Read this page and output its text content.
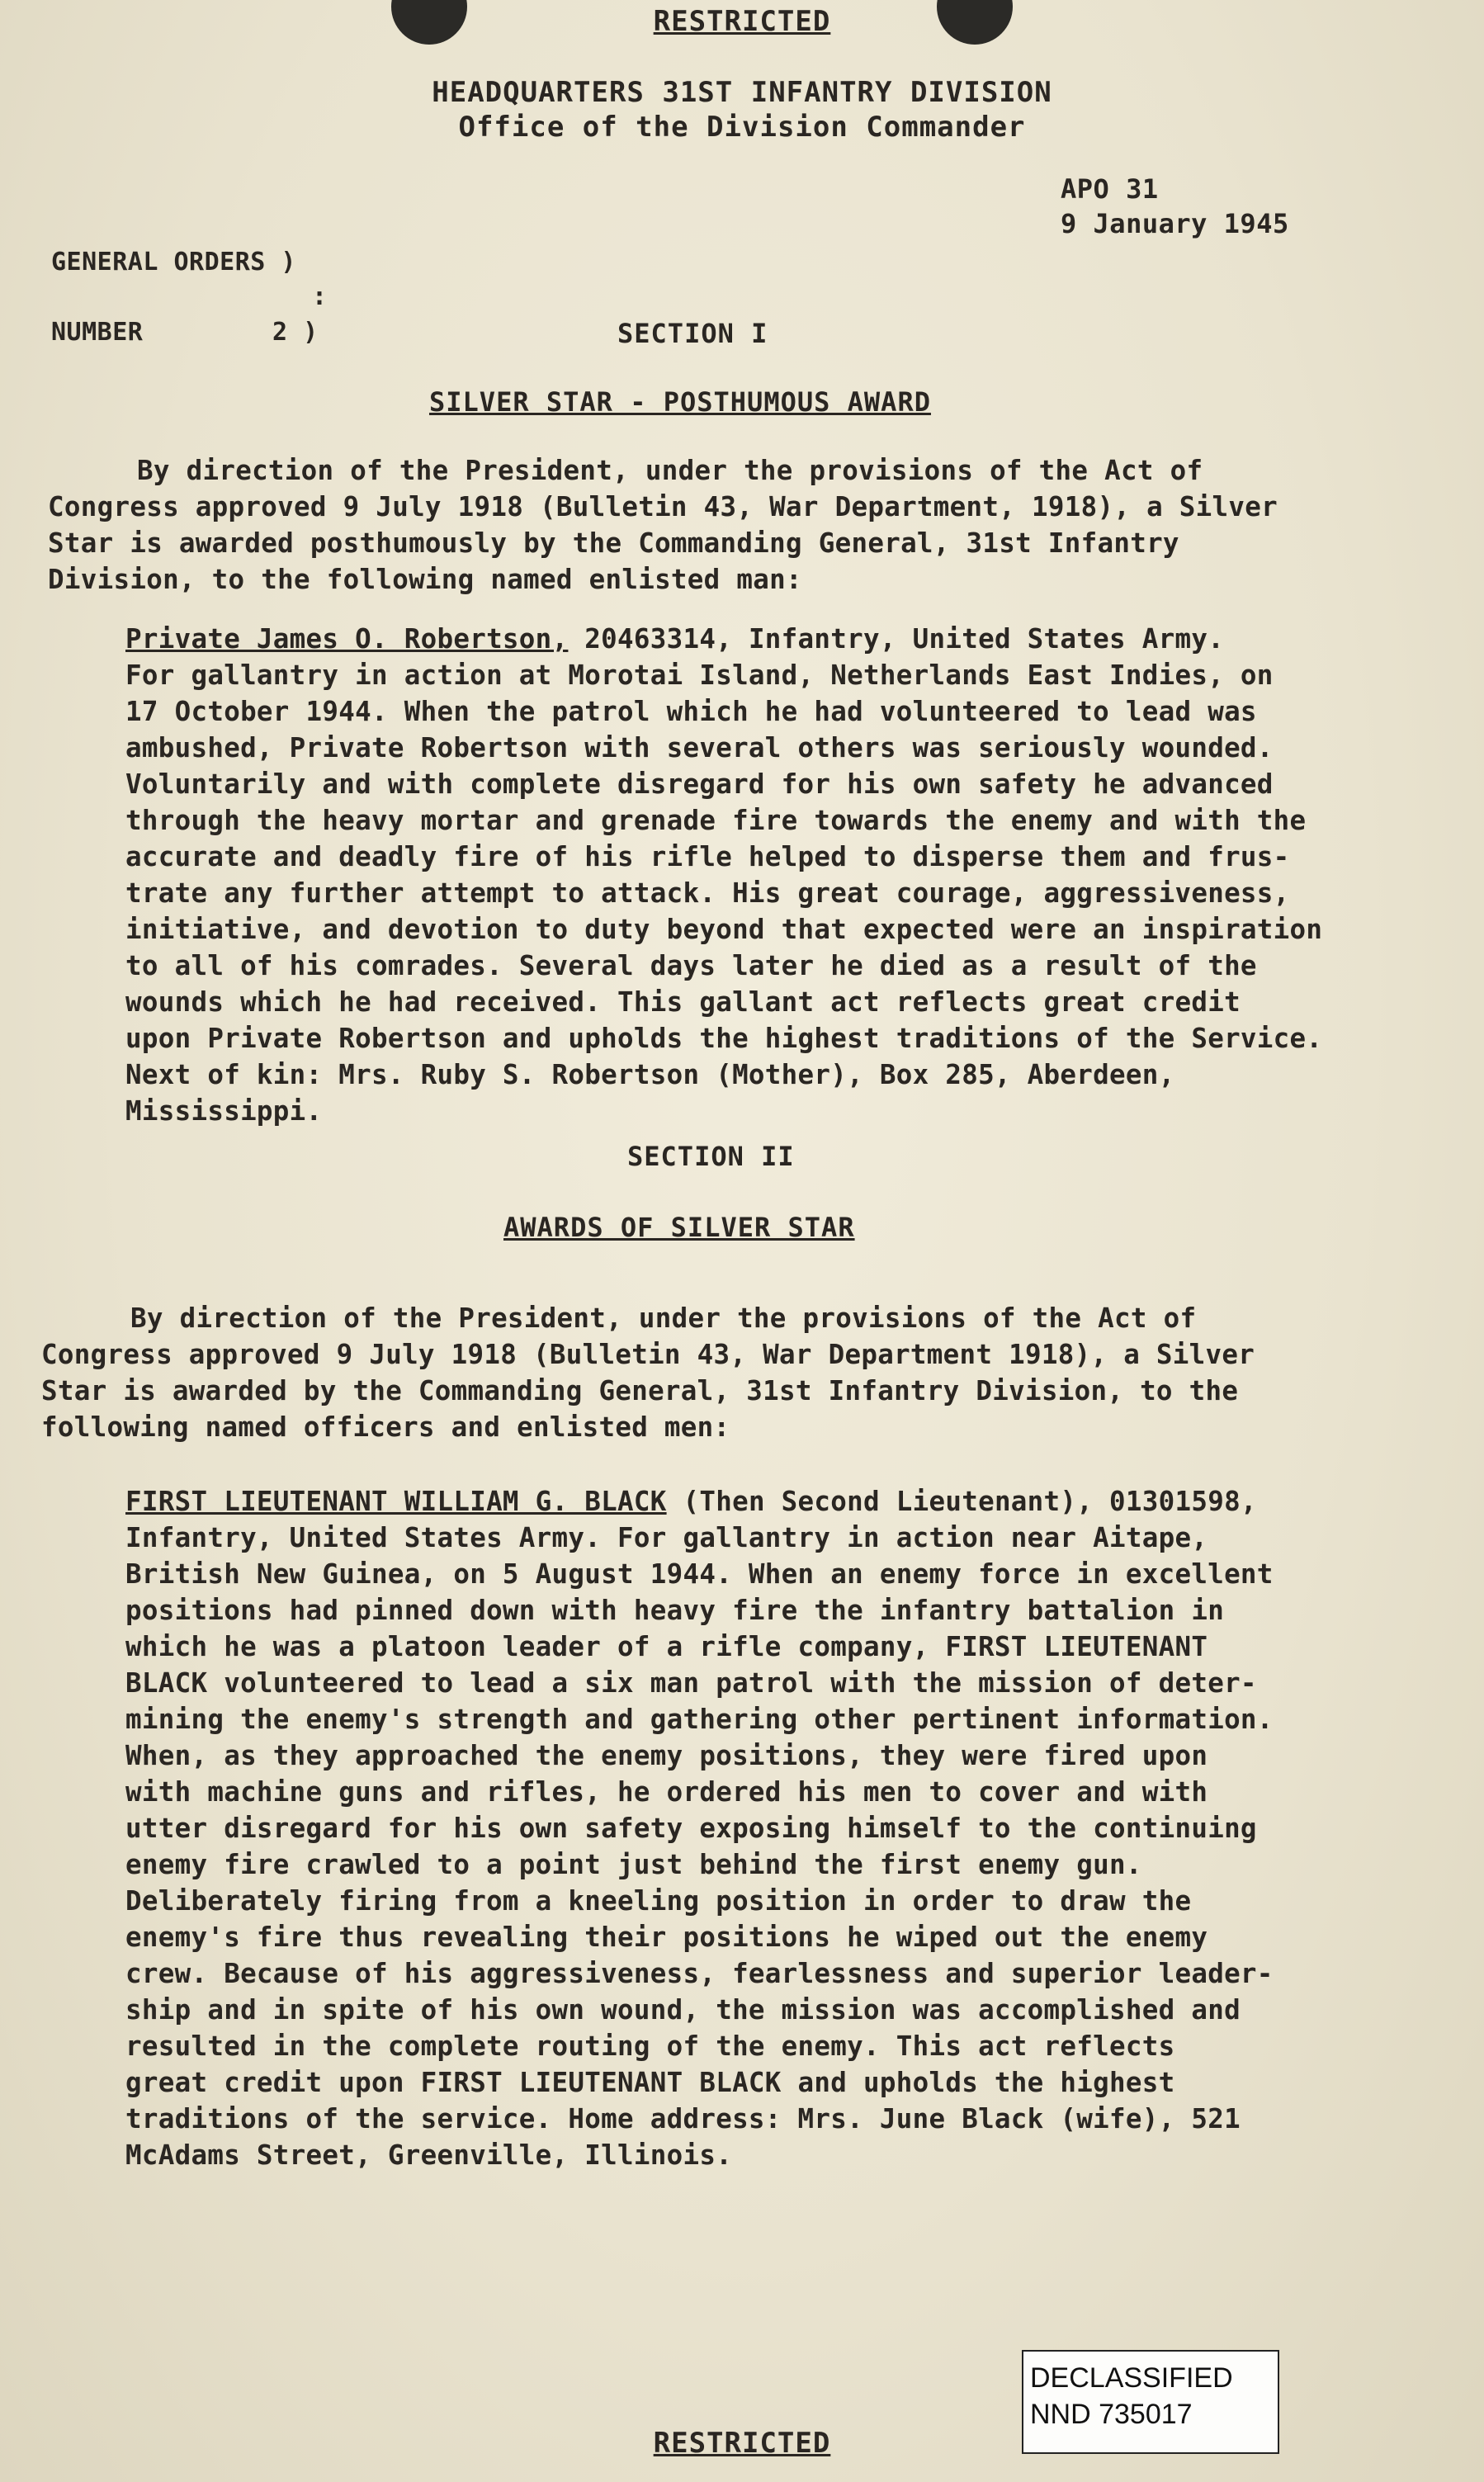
RESTRICTED
HEADQUARTERS 31ST INFANTRY DIVISION
Office of the Division Commander
APO 31
9 January 1945
GENERAL ORDERS )
:
NUMBER	2 )	SECTION I
SILVER STAR - POSTHUMOUS AWARD
By direction of the President, under the provisions of the Act of
Congress approved 9 July 1918 (Bulletin 43, War Department, 1918), a Silver
Star is awarded posthumously by the Commanding General, 31st Infantry
Division, to the following named enlisted man:
Private James O. Robertson, 20463314, Infantry, United States Army.
For gallantry in action at Morotai Island, Netherlands East Indies, on
17 October 1944. When the patrol which he had volunteered to lead was
ambushed, Private Robertson with several others was seriously wounded.
Voluntarily and with complete disregard for his own safety he advanced
through the heavy mortar and grenade fire towards the enemy and with the
accurate and deadly fire of his rifle helped to disperse them and frus-
trate any further attempt to attack. His great courage, aggressiveness,
initiative, and devotion to duty beyond that expected were an inspiration
to all of his comrades. Several days later he died as a result of the
wounds which he had received. This gallant act reflects great credit
upon Private Robertson and upholds the highest traditions of the Service.
Next of kin: Mrs. Ruby S. Robertson (Mother), Box 285, Aberdeen,
Mississippi.
SECTION II
AWARDS OF SILVER STAR
By direction of the President, under the provisions of the Act of
Congress approved 9 July 1918 (Bulletin 43, War Department 1918), a Silver
Star is awarded by the Commanding General, 31st Infantry Division, to the
following named officers and enlisted men:
FIRST LIEUTENANT WILLIAM G. BLACK (Then Second Lieutenant), 01301598,
Infantry, United States Army. For gallantry in action near Aitape,
British New Guinea, on 5 August 1944. When an enemy force in excellent
positions had pinned down with heavy fire the infantry battalion in
which he was a platoon leader of a rifle company, FIRST LIEUTENANT
BLACK volunteered to lead a six man patrol with the mission of deter-
mining the enemy's strength and gathering other pertinent information.
When, as they approached the enemy positions, they were fired upon
with machine guns and rifles, he ordered his men to cover and with
utter disregard for his own safety exposing himself to the continuing
enemy fire crawled to a point just behind the first enemy gun.
Deliberately firing from a kneeling position in order to draw the
enemy's fire thus revealing their positions he wiped out the enemy
crew. Because of his aggressiveness, fearlessness and superior leader-
ship and in spite of his own wound, the mission was accomplished and
resulted in the complete routing of the enemy. This act reflects
great credit upon FIRST LIEUTENANT BLACK and upholds the highest
traditions of the service. Home address: Mrs. June Black (wife), 521
McAdams Street, Greenville, Illinois.
DECLASSIFIED
NND 735017
RESTRICTED
